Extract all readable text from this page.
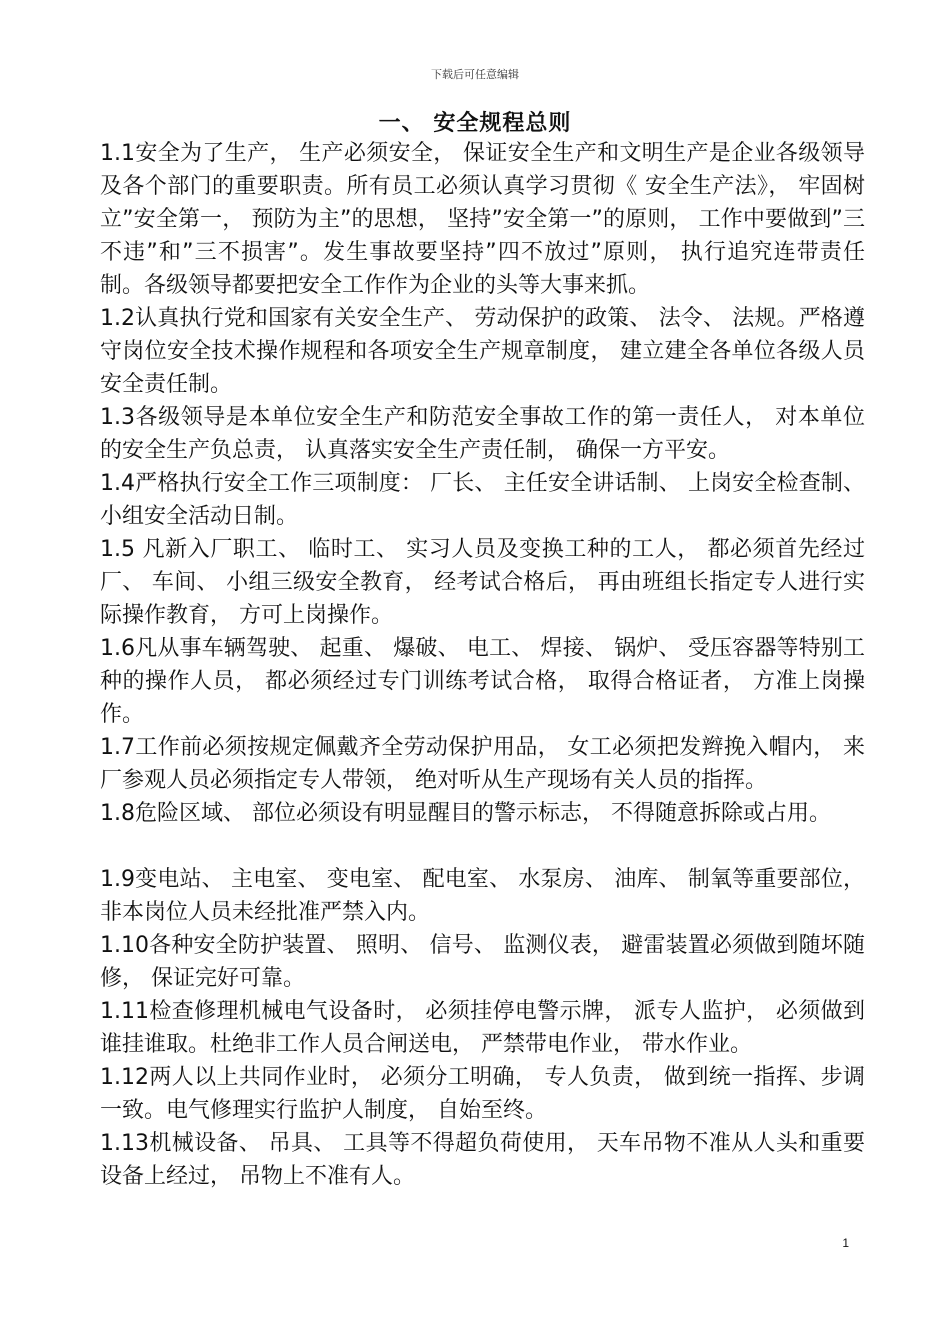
下载后可任意编辑
一、 安全规程总则

1.1安全为了生产， 生产必须安全， 保证安全生产和文明生产是企业各级领导及各个部门的重要职责。所有员工必须认真学习贯彻《 安全生产法》， 牢固树立”安全第一， 预防为主”的思想， 坚持”安全第一”的原则， 工作中要做到”三不违”和”三不损害”。发生事故要坚持”四不放过”原则， 执行追究连带责任制。各级领导都要把安全工作作为企业的头等大事来抓。

1.2认真执行党和国家有关安全生产、 劳动保护的政策、 法令、 法规。严格遵守岗位安全技术操作规程和各项安全生产规章制度， 建立建全各单位各级人员安全责任制。

1.3各级领导是本单位安全生产和防范安全事故工作的第一责任人， 对本单位的安全生产负总责， 认真落实安全生产责任制， 确保一方平安。

1.4严格执行安全工作三项制度： 厂长、 主任安全讲话制、 上岗安全检查制、 小组安全活动日制。

1.5 凡新入厂职工、 临时工、 实习人员及变换工种的工人， 都必须首先经过厂、 车间、 小组三级安全教育， 经考试合格后， 再由班组长指定专人进行实际操作教育， 方可上岗操作。

1.6凡从事车辆驾驶、 起重、 爆破、 电工、 焊接、 锅炉、 受压容器等特别工种的操作人员， 都必须经过专门训练考试合格， 取得合格证者， 方准上岗操作。

1.7工作前必须按规定佩戴齐全劳动保护用品， 女工必须把发辫挽入帽内， 来厂参观人员必须指定专人带领， 绝对听从生产现场有关人员的指挥。

1.8危险区域、 部位必须设有明显醒目的警示标志， 不得随意拆除或占用。

1.9变电站、 主电室、 变电室、 配电室、 水泵房、 油库、 制氧等重要部位， 非本岗位人员未经批准严禁入内。

1.10各种安全防护装置、 照明、 信号、 监测仪表， 避雷装置必须做到随坏随修， 保证完好可靠。

1.11检查修理机械电气设备时， 必须挂停电警示牌， 派专人监护， 必须做到谁挂谁取。杜绝非工作人员合闸送电， 严禁带电作业， 带水作业。

1.12两人以上共同作业时， 必须分工明确， 专人负责， 做到统一指挥、步调一致。电气修理实行监护人制度， 自始至终。

1.13机械设备、 吊具、 工具等不得超负荷使用， 天车吊物不准从人头和重要设备上经过， 吊物上不准有人。

1
